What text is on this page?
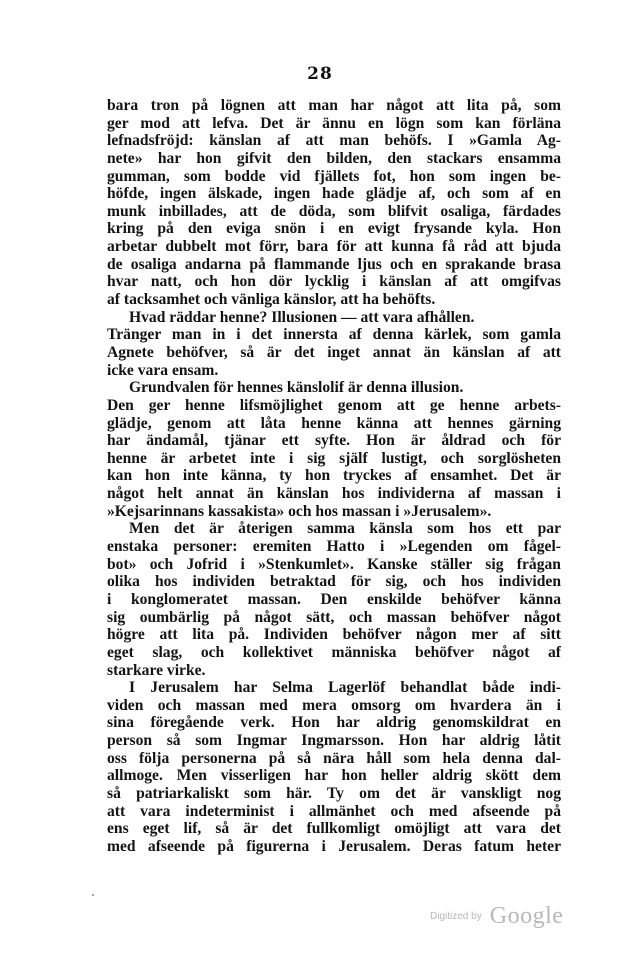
28
bara tron på lögnen att man har något att lita på, som
ger mod att lefva. Det är ännu en lögn som kan förläna
lefnadsfröjd: känslan af att man behöfs. I »Gamla Ag-
nete» har hon gifvit den bilden, den stackars ensamma
gumman, som bodde vid fjällets fot, hon som ingen be-
höfde, ingen älskade, ingen hade glädje af, och som af en
munk inbillades, att de döda, som blifvit osaliga, färdades
kring på den eviga snön i en evigt frysande kyla. Hon
arbetar dubbelt mot förr, bara för att kunna få råd att bjuda
de osaliga andarna på flammande ljus och en sprakande brasa
hvar natt, och hon dör lycklig i känslan af att omgifvas
af tacksamhet och vänliga känslor, att ha behöfts.
Hvad räddar henne? Illusionen — att vara afhållen.
Tränger man in i det innersta af denna kärlek, som gamla
Agnete behöfver, så är det inget annat än känslan af att
icke vara ensam.
Grundvalen för hennes känslolif är denna illusion.
Den ger henne lifsmöjlighet genom att ge henne arbets-
glädje, genom att låta henne känna att hennes gärning
har ändamål, tjänar ett syfte. Hon är åldrad och för
henne är arbetet inte i sig själf lustigt, och sorglösheten
kan hon inte känna, ty hon tryckes af ensamhet. Det är
något helt annat än känslan hos individerna af massan i
»Kejsarinnans kassakista» och hos massan i »Jerusalem».
Men det är återigen samma känsla som hos ett par
enstaka personer: eremiten Hatto i »Legenden om fågel-
bot» och Jofrid i »Stenkumlet». Kanske ställer sig frågan
olika hos individen betraktad för sig, och hos individen
i konglomeratet massan. Den enskilde behöfver känna
sig oumbärlig på något sätt, och massan behöfver något
högre att lita på. Individen behöfver någon mer af sitt
eget slag, och kollektivet människa behöfver något af
starkare virke.
I Jerusalem har Selma Lagerlöf behandlat både indi-
viden och massan med mera omsorg om hvardera än i
sina föregående verk. Hon har aldrig genomskildrat en
person så som Ingmar Ingmarsson. Hon har aldrig låtit
oss följa personerna på så nära håll som hela denna dal-
allmoge. Men visserligen har hon heller aldrig skött dem
så patriarkaliskt som här. Ty om det är vanskligt nog
att vara indeterminist i allmänhet och med afseende på
ens eget lif, så är det fullkomligt omöjligt att vara det
med afseende på figurerna i Jerusalem. Deras fatum heter
Digitized by Google
